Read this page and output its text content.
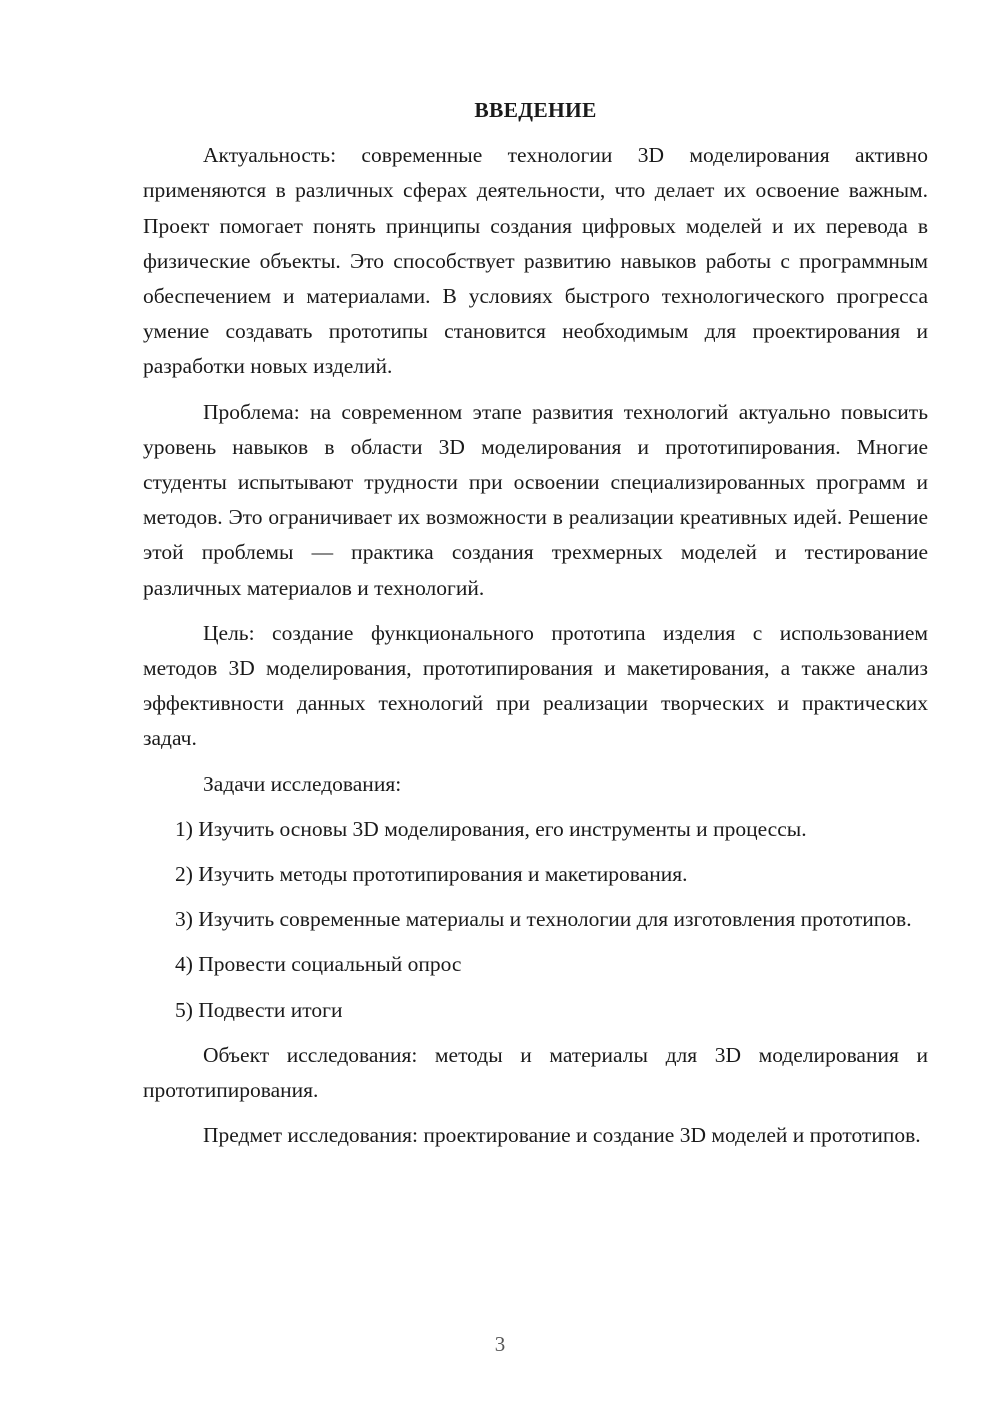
ВВЕДЕНИЕ

Актуальность: современные технологии 3D моделирования активно применяются в различных сферах деятельности, что делает их освоение важным. Проект помогает понять принципы создания цифровых моделей и их перевода в физические объекты. Это способствует развитию навыков работы с программным обеспечением и материалами. В условиях быстрого технологического прогресса умение создавать прототипы становится необходимым для проектирования и разработки новых изделий.

Проблема: на современном этапе развития технологий актуально повысить уровень навыков в области 3D моделирования и прототипирования. Многие студенты испытывают трудности при освоении специализированных программ и методов. Это ограничивает их возможности в реализации креативных идей. Решение этой проблемы — практика создания трехмерных моделей и тестирование различных материалов и технологий.

Цель: создание функционального прототипа изделия с использованием методов 3D моделирования, прототипирования и макетирования, а также анализ эффективности данных технологий при реализации творческих и практических задач.

Задачи исследования:

1) Изучить основы 3D моделирования, его инструменты и процессы.

2) Изучить методы прототипирования и макетирования.

3) Изучить современные материалы и технологии для изготовления прототипов.

4) Провести социальный опрос

5) Подвести итоги

Объект исследования: методы и материалы для 3D моделирования и прототипирования.

Предмет исследования: проектирование и создание 3D моделей и прототипов.

3
